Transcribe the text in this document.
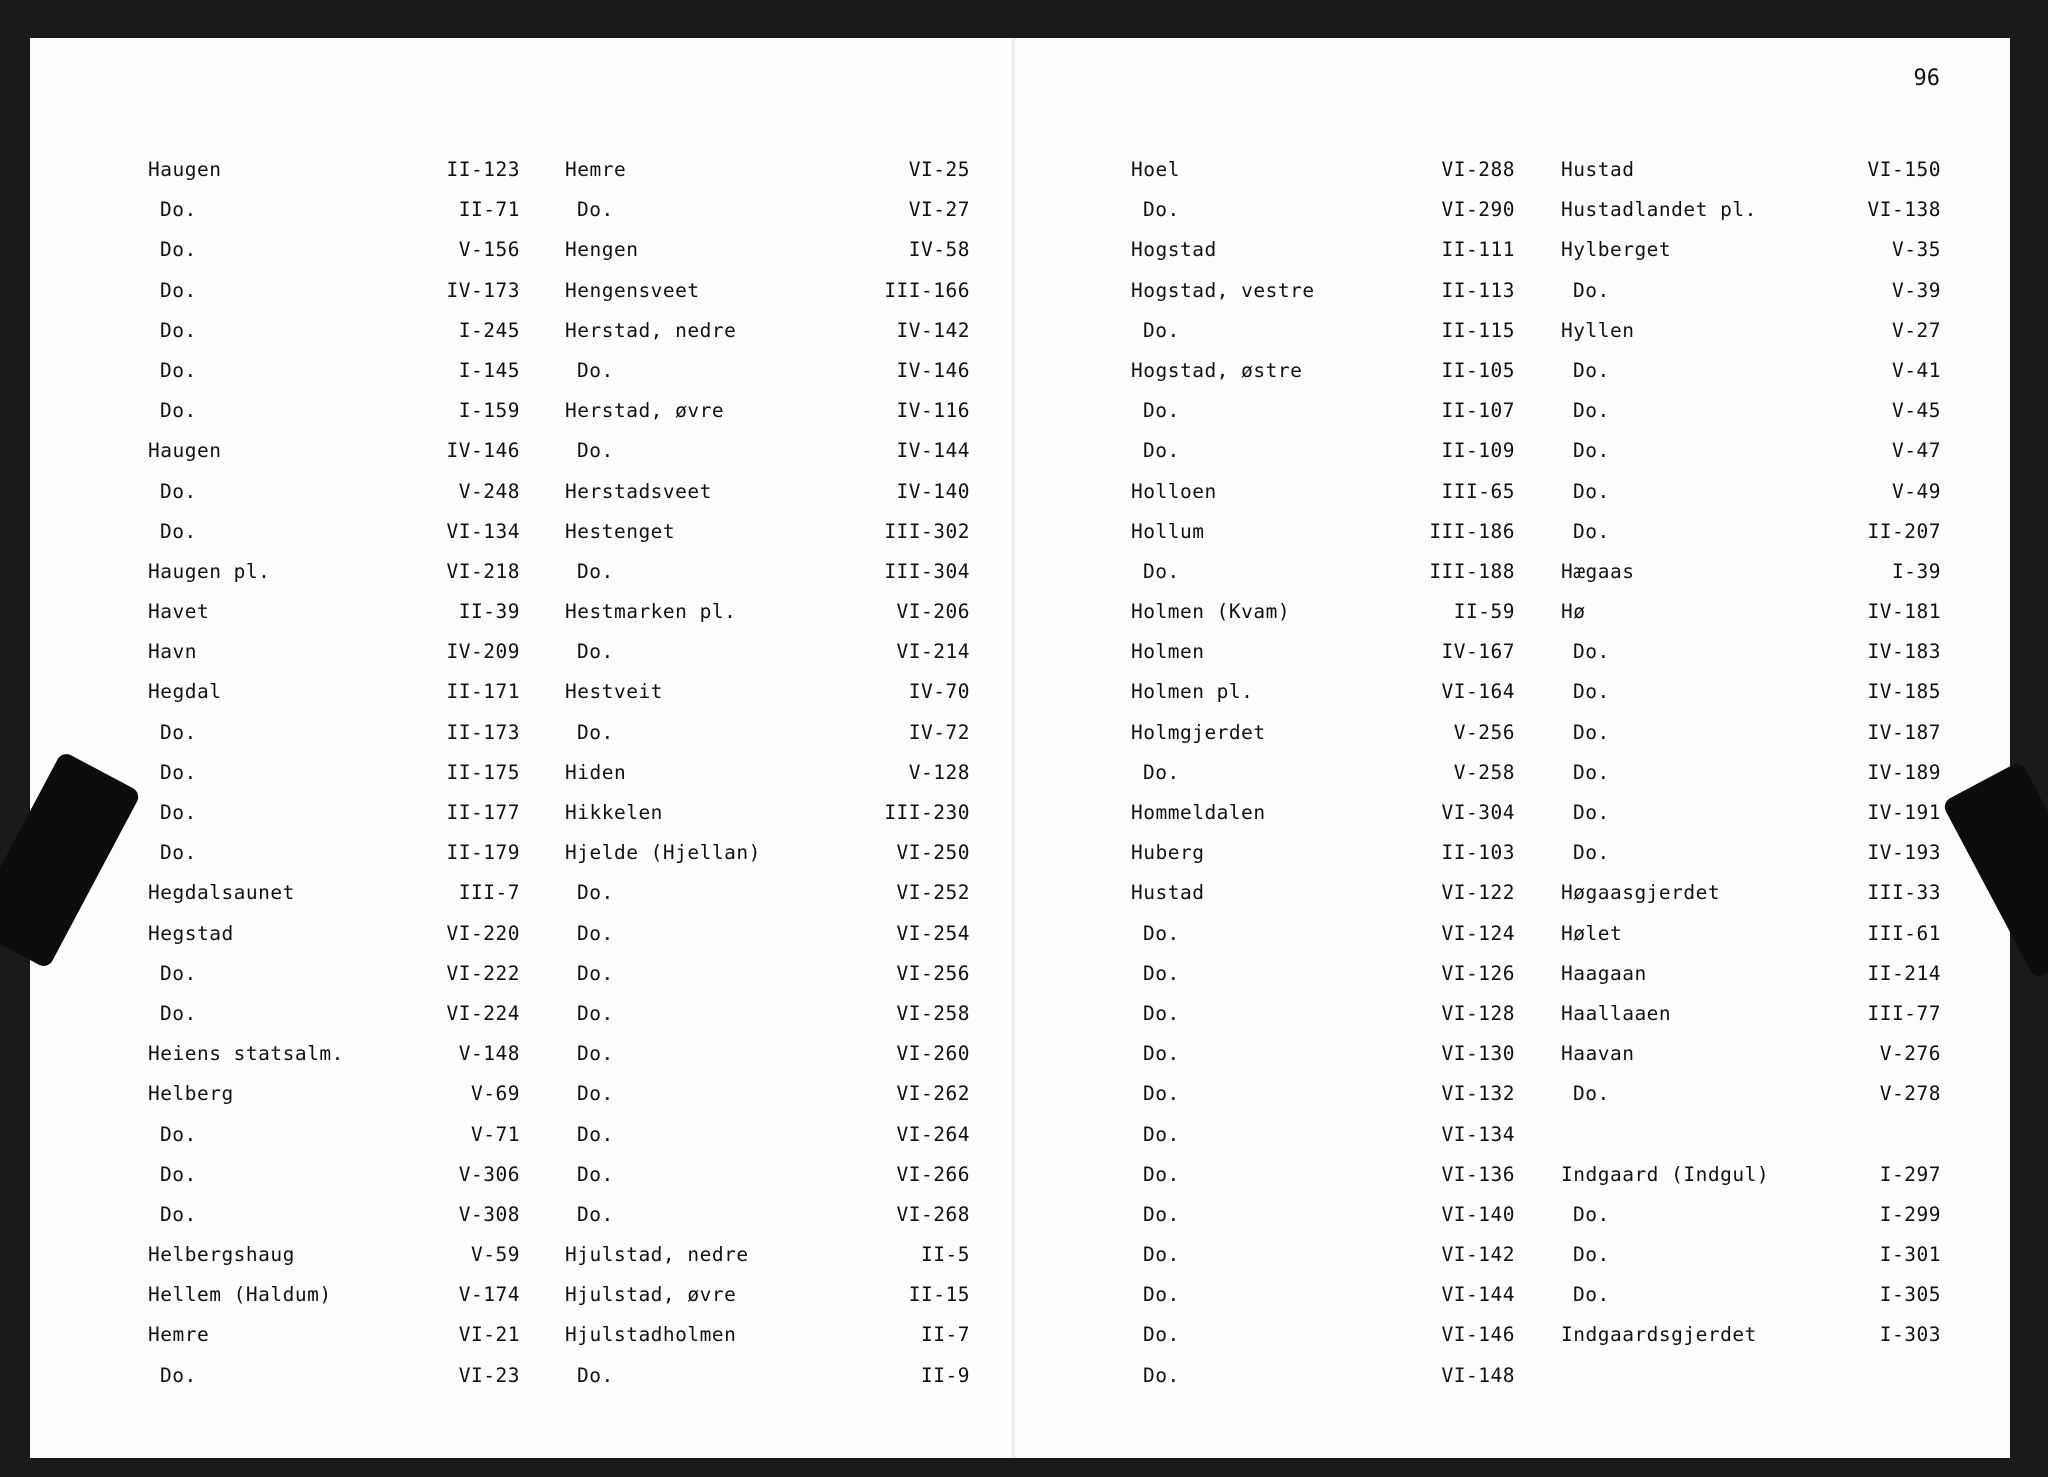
Haugen	II-123
Do.	II-71
Do.	V-156
Do.	IV-173
Do.	I-245
Do.	I-145
Do.	I-159
Haugen	IV-146
Do.	V-248
Do.	VI-134
Haugen pl.	VI-218
Havet	II-39
Havn	IV-209
Hegdal	II-171
Do.	II-173
Do.	II-175
Do.	II-177
Do.	II-179
Hegdalsaunet	III-7
Hegstad	VI-220
Do.	VI-222
Do.	VI-224
Heiens statsalm.	V-148
Helberg	V-69
Do.	V-71
Do.	V-306
Do.	V-308
Helbergshaug	V-59
Hellem (Haldum)	V-174
Hemre	VI-21
Do.	VI-23
Hemre	VI-25
Do.	VI-27
Hengen	IV-58
Hengensveet	III-166
Herstad, nedre	IV-142
Do.	IV-146
Herstad, øvre	IV-116
Do.	IV-144
Herstadsveet	IV-140
Hestenget	III-302
Do.	III-304
Hestmarken pl.	VI-206
Do.	VI-214
Hestveit	IV-70
Do.	IV-72
Hiden	V-128
Hikkelen	III-230
Hjelde (Hjellan)	VI-250
Do.	VI-252
Do.	VI-254
Do.	VI-256
Do.	VI-258
Do.	VI-260
Do.	VI-262
Do.	VI-264
Do.	VI-266
Do.	VI-268
Hjulstad, nedre	II-5
Hjulstad, øvre	II-15
Hjulstadholmen	II-7
Do.	II-9
96
Hoel	VI-288
Do.	VI-290
Hogstad	II-111
Hogstad, vestre	II-113
Do.	II-115
Hogstad, østre	II-105
Do.	II-107
Do.	II-109
Holloen	III-65
Hollum	III-186
Do.	III-188
Holmen (Kvam)	II-59
Holmen	IV-167
Holmen pl.	VI-164
Holmgjerdet	V-256
Do.	V-258
Hommeldalen	VI-304
Huberg	II-103
Hustad	VI-122
Do.	VI-124
Do.	VI-126
Do.	VI-128
Do.	VI-130
Do.	VI-132
Do.	VI-134
Do.	VI-136
Do.	VI-140
Do.	VI-142
Do.	VI-144
Do.	VI-146
Do.	VI-148
Hustad	VI-150
Hustadlandet pl.	VI-138
Hylberget	V-35
Do.	V-39
Hyllen	V-27
Do.	V-41
Do.	V-45
Do.	V-47
Do.	V-49
Do.	II-207
Hægaas	I-39
Hø	IV-181
Do.	IV-183
Do.	IV-185
Do.	IV-187
Do.	IV-189
Do.	IV-191
Do.	IV-193
Høgaasgjerdet	III-33
Hølet	III-61
Haagaan	II-214
Haallaaen	III-77
Haavan	V-276
Do.	V-278
Indgaard (Indgul)	I-297
Do.	I-299
Do.	I-301
Do.	I-305
Indgaardsgjerdet	I-303
